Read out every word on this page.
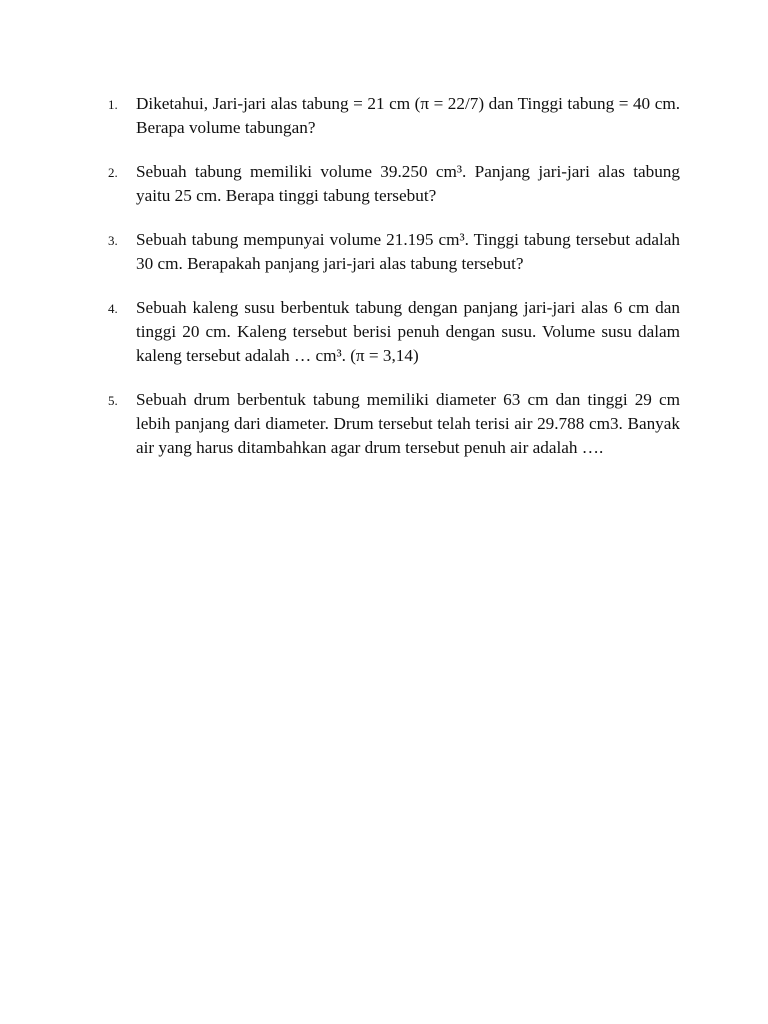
1.	Diketahui, Jari-jari alas tabung = 21 cm (π = 22/7) dan Tinggi tabung = 40 cm. Berapa volume tabungan?
2.	Sebuah tabung memiliki volume 39.250 cm³. Panjang jari-jari alas tabung yaitu 25 cm. Berapa tinggi tabung tersebut?
3.	Sebuah tabung mempunyai volume 21.195 cm³. Tinggi tabung tersebut adalah 30 cm. Berapakah panjang jari-jari alas tabung tersebut?
4.	Sebuah kaleng susu berbentuk tabung dengan panjang jari-jari alas 6 cm dan tinggi 20 cm. Kaleng tersebut berisi penuh dengan susu. Volume susu dalam kaleng tersebut adalah … cm³. (π = 3,14)
5.	Sebuah drum berbentuk tabung memiliki diameter 63 cm dan tinggi 29 cm lebih panjang dari diameter. Drum tersebut telah terisi air 29.788 cm3. Banyak air yang harus ditambahkan agar drum tersebut penuh air adalah ….
